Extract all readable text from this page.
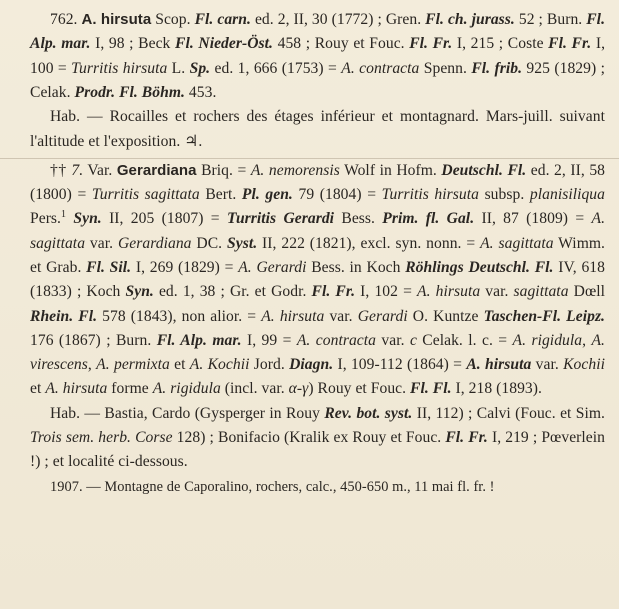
762. A. hirsuta Scop. Fl. carn. ed. 2, II, 30 (1772) ; Gren. Fl. ch. jurass. 52 ; Burn. Fl. Alp. mar. I, 98 ; Beck Fl. Nieder-Öst. 458 ; Rouy et Fouc. Fl. Fr. I, 215 ; Coste Fl. Fr. I, 100 = Turritis hirsuta L. Sp. ed. 1, 666 (1753) = A. contracta Spenn. Fl. frib. 925 (1829) ; Celak. Prodr. Fl. Böhm. 453.

Hab. — Rocailles et rochers des étages inférieur et montagnard. Mars-juill. suivant l'altitude et l'exposition. ♃.

†† 7. Var. Gerardiana Briq. = A. nemorensis Wolf in Hofm. Deutschl. Fl. ed. 2, II, 58 (1800) = Turritis sagittata Bert. Pl. gen. 79 (1804) = Turritis hirsuta subsp. planisiliqua Pers.$^1$ Syn. II, 205 (1807) = Turritis Gerardi Bess. Prim. fl. Gal. II, 87 (1809) = A. sagittata var. Gerardiana DC. Syst. II, 222 (1821), excl. syn. nonn. = A. sagittata Wimm. et Grab. Fl. Sil. I, 269 (1829) = A. Gerardi Bess. in Koch Röhlings Deutschl. Fl. IV, 618 (1833) ; Koch Syn. ed. 1, 38 ; Gr. et Godr. Fl. Fr. I, 102 = A. hirsuta var. sagittata Dœll Rhein. Fl. 578 (1843), non alior. = A. hirsuta var. Gerardi O. Kuntze Taschen-Fl. Leipz. 176 (1867) ; Burn. Fl. Alp. mar. I, 99 = A. contracta var. c Celak. l. c. = A. rigidula, A. virescens, A. permixta et A. Kochii Jord. Diagn. I, 109-112 (1864) = A. hirsuta var. Kochii et A. hirsuta forme A. rigidula (incl. var. α-γ) Rouy et Fouc. Fl. Fl. I, 218 (1893).

Hab. — Bastia, Cardo (Gysperger in Rouy Rev. bot. syst. II, 112) ; Calvi (Fouc. et Sim. Trois sem. herb. Corse 128) ; Bonifacio (Kralik ex Rouy et Fouc. Fl. Fr. I, 219 ; Pœverlein !) ; et localité ci-dessous.

1907. — Montagne de Caporalino, rochers, calc., 450-650 m., 11 mai fl. fr. !
